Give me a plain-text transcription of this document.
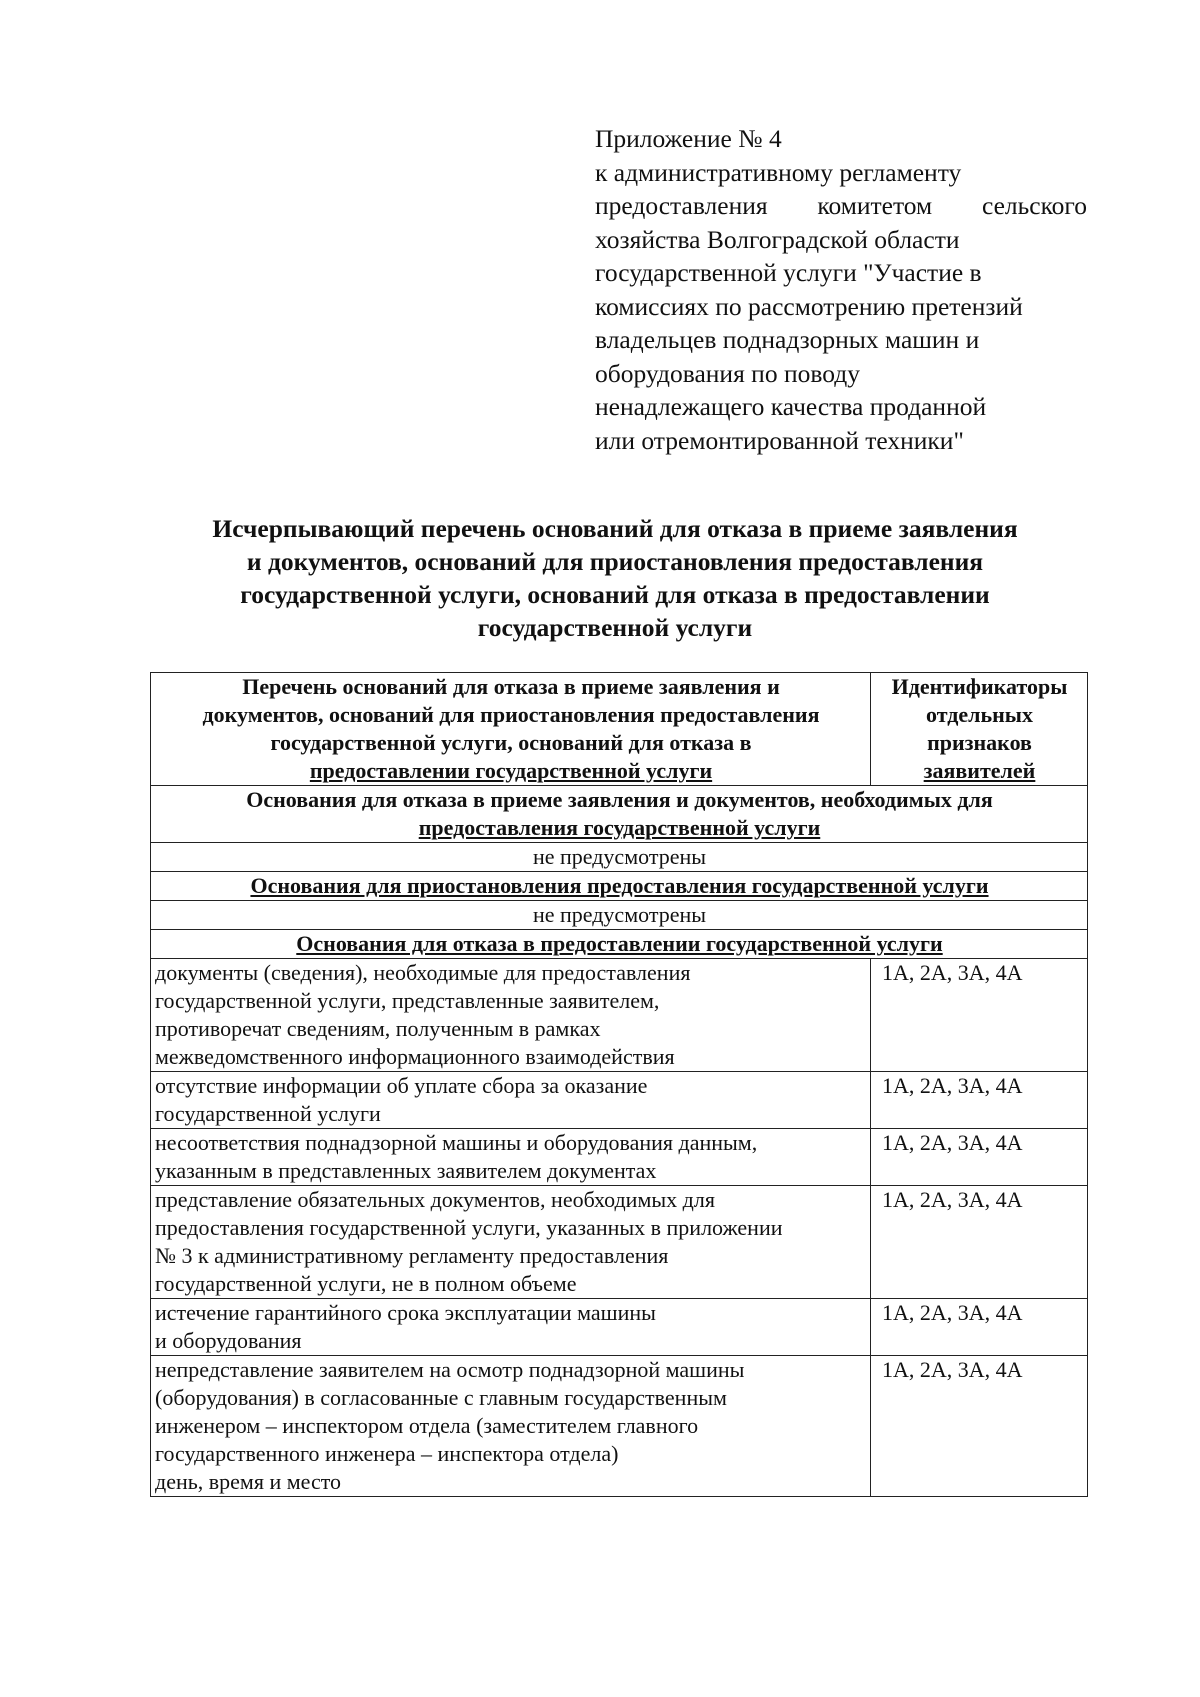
Приложение № 4
к административному регламенту
предоставления комитетом сельского
хозяйства Волгоградской области
государственной услуги "Участие в
комиссиях по рассмотрению претензий
владельцев поднадзорных машин и
оборудования по поводу
ненадлежащего качества проданной
или отремонтированной техники"
Исчерпывающий перечень оснований для отказа в приеме заявления
и документов, оснований для приостановления предоставления
государственной услуги, оснований для отказа в предоставлении
государственной услуги
Перечень оснований для отказа в приеме заявления и
документов, оснований для приостановления предоставления
государственной услуги, оснований для отказа в
предоставлении государственной услуги	Идентификаторы
отдельных
признаков
заявителей

Основания для отказа в приеме заявления и документов, необходимых для
предоставления государственной услуги	

не предусмотрены	

Основания для приостановления предоставления государственной услуги	

не предусмотрены	

Основания для отказа в предоставлении государственной услуги	

документы (сведения), необходимые для предоставления
государственной услуги, представленные заявителем,
противоречат сведениям, полученным в рамках
межведомственного информационного взаимодействия	1А, 2А, 3А, 4А

отсутствие информации об уплате сбора за оказание
государственной услуги	1А, 2А, 3А, 4А

несоответствия поднадзорной машины и оборудования данным,
указанным в представленных заявителем документах	1А, 2А, 3А, 4А

представление обязательных документов, необходимых для
предоставления государственной услуги, указанных в приложении
№ 3 к административному регламенту предоставления
государственной услуги, не в полном объеме	1А, 2А, 3А, 4А

истечение гарантийного срока эксплуатации машины
и оборудования	1А, 2А, 3А, 4А

непредставление заявителем на осмотр поднадзорной машины
(оборудования) в согласованные с главным государственным
инженером – инспектором отдела (заместителем главного
государственного инженера – инспектора отдела)
день, время и место	1А, 2А, 3А, 4А
